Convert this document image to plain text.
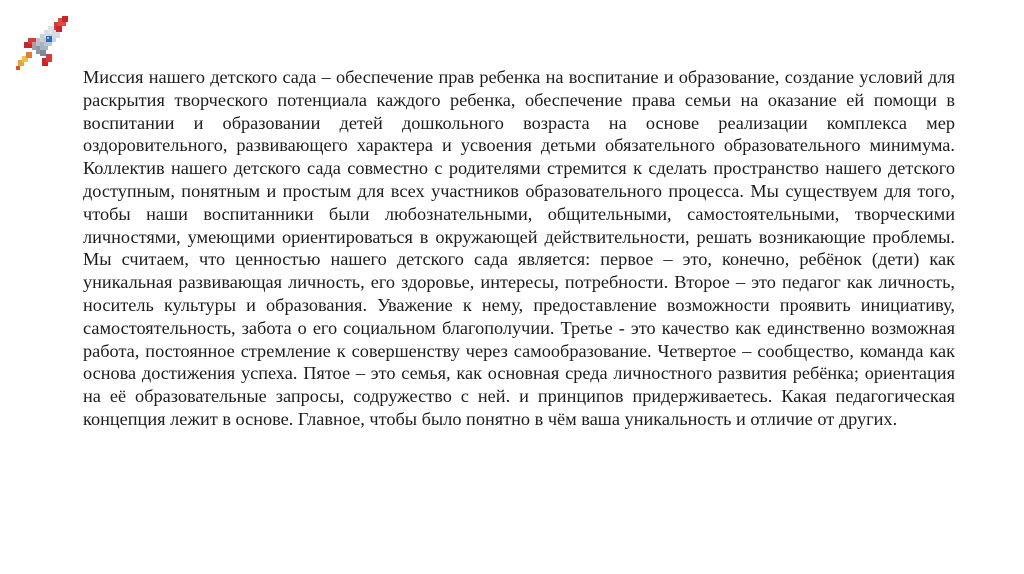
Миссия нашего детского сада – обеспечение прав ребенка на воспитание и образование, создание условий для раскрытия творческого потенциала каждого ребенка, обеспечение права семьи на оказание ей помощи в воспитании и образовании детей дошкольного возраста на основе реализации комплекса мер оздоровительного, развивающего характера и усвоения детьми обязательного образовательного минимума. Коллектив нашего детского сада совместно с родителями стремится к сделать пространство нашего детского доступным, понятным и простым для всех участников образовательного процесса. Мы существуем для того, чтобы наши воспитанники были любознательными, общительными, самостоятельными, творческими личностями, умеющими ориентироваться в окружающей действительности, решать возникающие проблемы. Мы считаем, что ценностью нашего детского сада является: первое – это, конечно, ребёнок (дети) как уникальная развивающая личность, его здоровье, интересы, потребности. Второе – это педагог как личность, носитель культуры и образования. Уважение к нему, предоставление возможности проявить инициативу, самостоятельность, забота о его социальном благополучии. Третье - это качество как единственно возможная работа, постоянное стремление к совершенству через самообразование. Четвертое – сообщество, команда как основа достижения успеха. Пятое – это семья, как основная среда личностного развития ребёнка; ориентация на её образовательные запросы, содружество с ней. и принципов придерживаетесь. Какая педагогическая концепция лежит в основе. Главное, чтобы было понятно в чём ваша уникальность и отличие от других.
